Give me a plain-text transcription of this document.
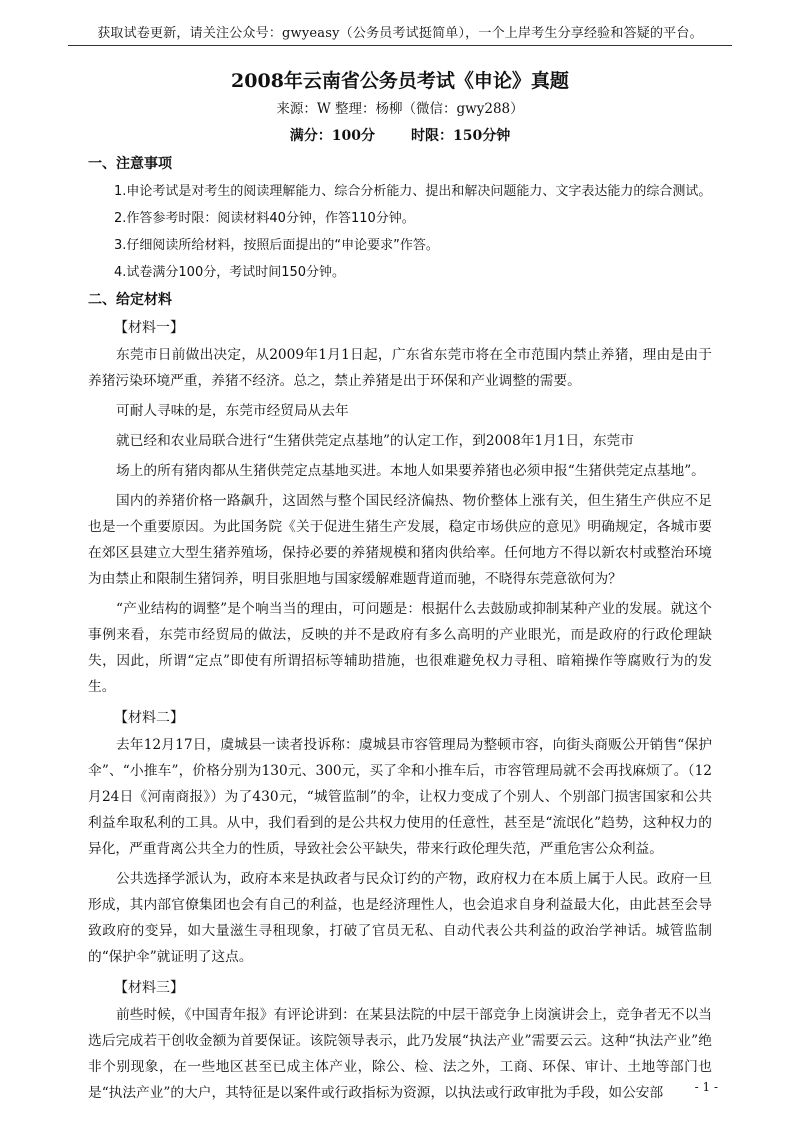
获取试卷更新，请关注公众号：gwyeasy（公务员考试挺简单），一个上岸考生分享经验和答疑的平台。
2008年云南省公务员考试《申论》真题

来源：W 整理：杨柳（微信：gwy288）

满分：100分	时限：150分钟

一、注意事项

1.申论考试是对考生的阅读理解能力、综合分析能力、提出和解决问题能力、文字表达能力的综合测试。

2.作答参考时限：阅读材料40分钟，作答110分钟。

3.仔细阅读所给材料，按照后面提出的“申论要求”作答。

4.试卷满分100分，考试时间150分钟。

二、给定材料

【材料一】

东莞市日前做出决定，从2009年1月1日起，广东省东莞市将在全市范围内禁止养猪，理由是由于养猪污染环境严重，养猪不经济。总之，禁止养猪是出于环保和产业调整的需要。

可耐人寻味的是，东莞市经贸局从去年

就已经和农业局联合进行“生猪供莞定点基地”的认定工作，到2008年1月1日，东莞市

场上的所有猪肉都从生猪供莞定点基地买进。本地人如果要养猪也必须申报“生猪供莞定点基地”。

国内的养猪价格一路飙升，这固然与整个国民经济偏热、物价整体上涨有关，但生猪生产供应不足也是一个重要原因。为此国务院《关于促进生猪生产发展，稳定市场供应的意见》明确规定，各城市要在郊区县建立大型生猪养殖场，保持必要的养猪规模和猪肉供给率。任何地方不得以新农村或整治环境为由禁止和限制生猪饲养，明目张胆地与国家缓解难题背道而驰，不晓得东莞意欲何为？

“产业结构的调整”是个响当当的理由，可问题是：根据什么去鼓励或抑制某种产业的发展。就这个事例来看，东莞市经贸局的做法，反映的并不是政府有多么高明的产业眼光，而是政府的行政伦理缺失，因此，所谓“定点”即使有所谓招标等辅助措施，也很难避免权力寻租、暗箱操作等腐败行为的发生。

【材料二】

去年12月17日，虞城县一读者投诉称：虞城县市容管理局为整顿市容，向街头商贩公开销售“保护伞”、“小推车”，价格分别为130元、300元，买了伞和小推车后，市容管理局就不会再找麻烦了。（12月24日《河南商报》）为了430元，“城管监制”的伞，让权力变成了个别人、个别部门损害国家和公共利益牟取私利的工具。从中，我们看到的是公共权力使用的任意性，甚至是“流氓化”趋势，这种权力的异化，严重背离公共全力的性质，导致社会公平缺失，带来行政伦理失范，严重危害公众利益。

公共选择学派认为，政府本来是执政者与民众订约的产物，政府权力在本质上属于人民。政府一旦形成，其内部官僚集团也会有自己的利益，也是经济理性人，也会追求自身利益最大化，由此甚至会导致政府的变异，如大量滋生寻租现象，打破了官员无私、自动代表公共利益的政治学神话。城管监制的“保护伞”就证明了这点。

【材料三】

前些时候，《中国青年报》有评论讲到：在某县法院的中层干部竞争上岗演讲会上，竞争者无不以当选后完成若干创收金额为首要保证。该院领导表示，此乃发展“执法产业”需要云云。这种“执法产业”绝非个别现象，在一些地区甚至已成主体产业，除公、检、法之外，工商、环保、审计、土地等部门也是“执法产业”的大户，其特征是以案件或行政指标为资源，以执法或行政审批为手段，如公安部	- 1 -
